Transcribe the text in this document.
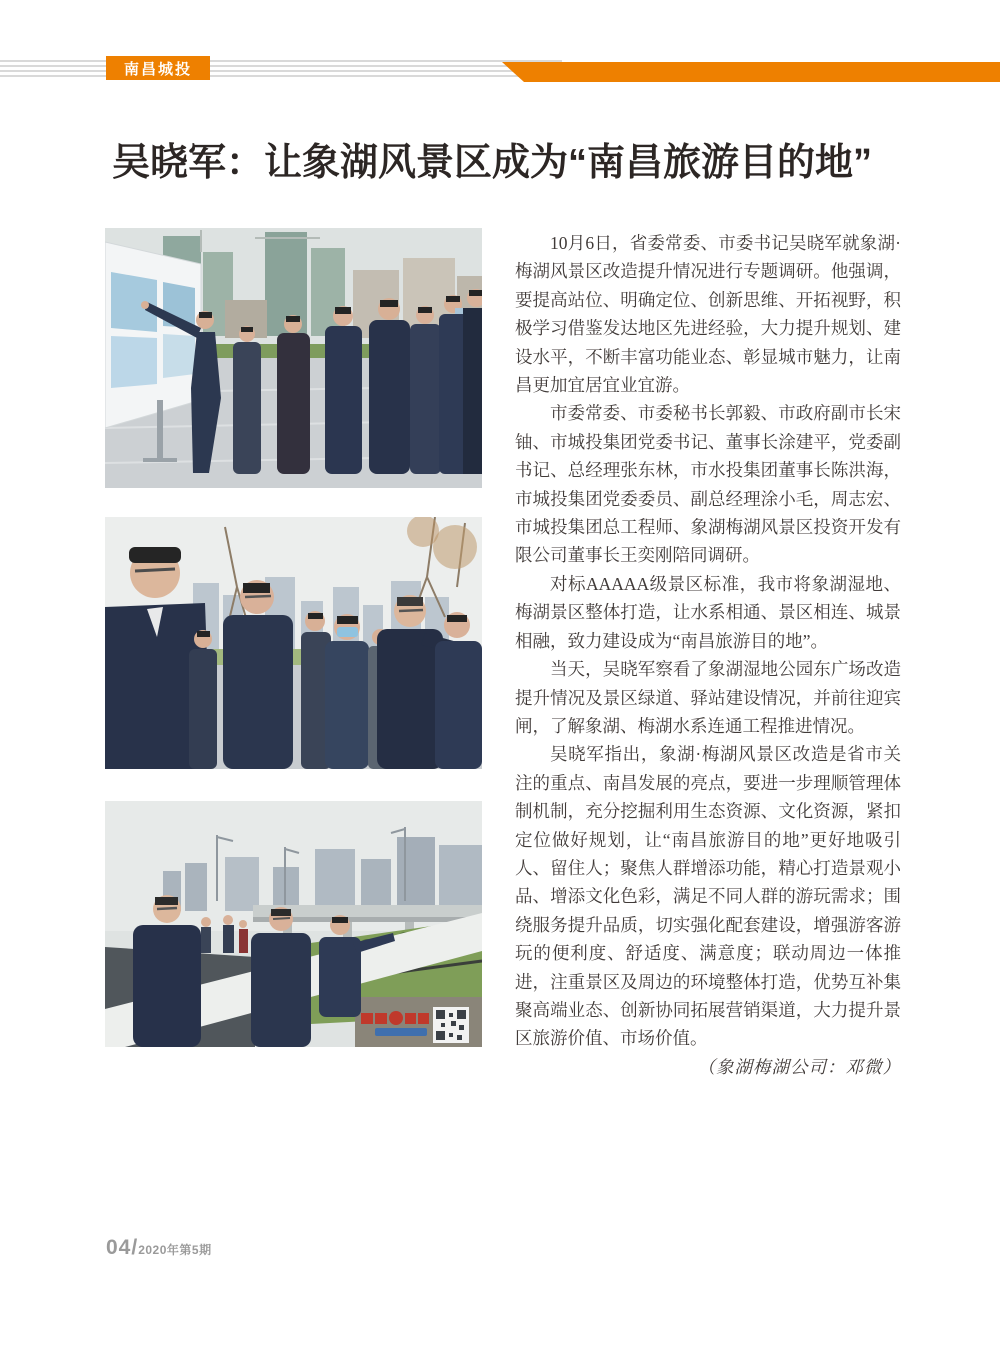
南昌城投
吴晓军：让象湖风景区成为“南昌旅游目的地”

10月6日，省委常委、市委书记吴晓军就象湖·梅湖风景区改造提升情况进行专题调研。他强调，要提高站位、明确定位、创新思维、开拓视野，积极学习借鉴发达地区先进经验，大力提升规划、建设水平，不断丰富功能业态、彰显城市魅力，让南昌更加宜居宜业宜游。

市委常委、市委秘书长郭毅、市政府副市长宋铀、市城投集团党委书记、董事长涂建平，党委副书记、总经理张东林，市水投集团董事长陈洪海，市城投集团党委委员、副总经理涂小毛，周志宏、市城投集团总工程师、象湖梅湖风景区投资开发有限公司董事长王奕刚陪同调研。

对标AAAAA级景区标准，我市将象湖湿地、梅湖景区整体打造，让水系相通、景区相连、城景相融，致力建设成为“南昌旅游目的地”。

当天，吴晓军察看了象湖湿地公园东广场改造提升情况及景区绿道、驿站建设情况，并前往迎宾闸，了解象湖、梅湖水系连通工程推进情况。

吴晓军指出，象湖·梅湖风景区改造是省市关注的重点、南昌发展的亮点，要进一步理顺管理体制机制，充分挖掘利用生态资源、文化资源，紧扣定位做好规划，让“南昌旅游目的地”更好地吸引人、留住人；聚焦人群增添功能，精心打造景观小品、增添文化色彩，满足不同人群的游玩需求；围绕服务提升品质，切实强化配套建设，增强游客游玩的便利度、舒适度、满意度；联动周边一体推进，注重景区及周边的环境整体打造，优势互补集聚高端业态、创新协同拓展营销渠道，大力提升景区旅游价值、市场价值。

（象湖梅湖公司：邓微）

04 / 2020年第5期
